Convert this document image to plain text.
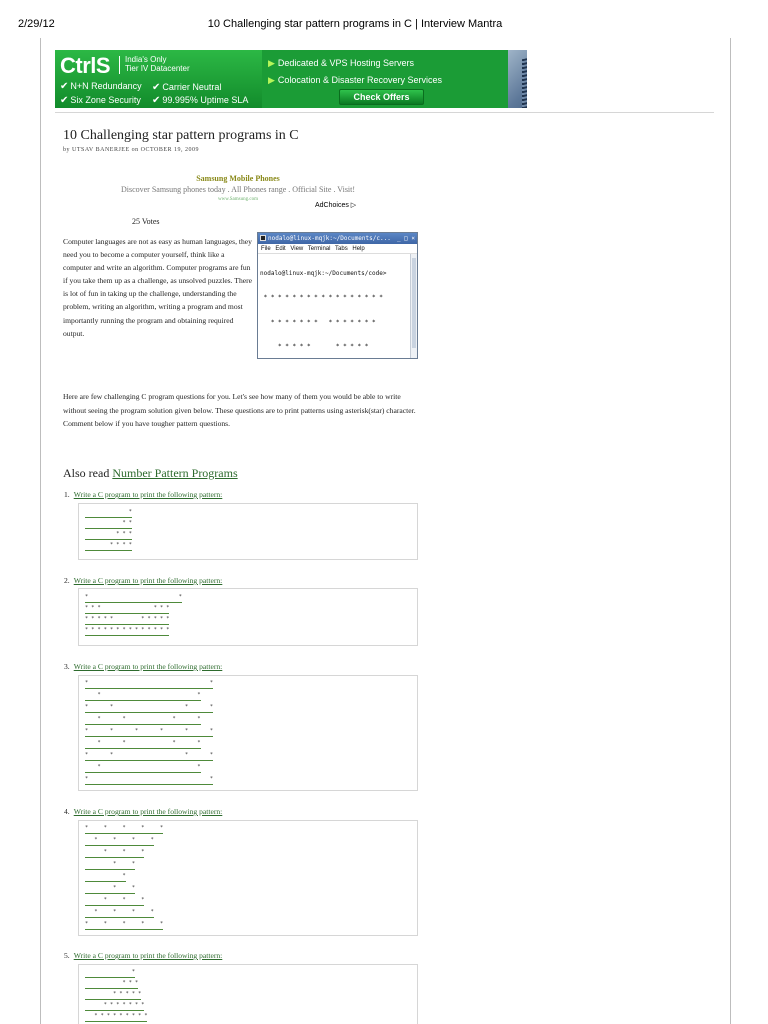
2/29/12	10 Challenging star pattern programs in C | Interview Mantra
CtrlS India's Only
Tier IV Datacenter
✔ N+N Redundancy ✔ Carrier Neutral
✔ Six Zone Security ✔ 99.995% Uptime SLA
▶ Dedicated & VPS Hosting Servers
▶ Colocation & Disaster Recovery Services
Check Offers
10 Challenging star pattern programs in C
by UTSAV BANERJEE on OCTOBER 19, 2009
Samsung Mobile Phones
Discover Samsung phones today . All Phones range . Official Site . Visit!
www.Samsung.com
AdChoices ▷
25 Votes

Computer languages are not as easy as human languages, they need you to become a computer yourself, think like a computer and write an algorithm. Computer programs are fun if you take them up as a challenge, as unsolved puzzles. There is lot of fun in taking up the challenge, understanding the problem, writing an algorithm, writing a program and most importantly running the program and obtaining required output.

nodalo@linux-mqjk:~/Documents/c... _ □ ×
File Edit View Terminal Tabs Help

nodalo@linux-mqjk:~/Documents/code>

* * * * * * * * * * * * * * * * *

* * * * * * *   * * * * * * *

* * * * *       * * * * *

Here are few challenging C program questions for you. Let's see how many of them you would be able to write without seeing the program solution given below. These questions are to print patterns using asterisk(star) character. Comment below if you have tougher pattern questions.

Also read Number Pattern Programs
1. Write a C program to print the following pattern:
*
* *
* * *
* * * *
2. Write a C program to print the following pattern:
*                             *
* * *                 * * *
* * * * *         * * * * *
* * * * * * * * * * * * * *
3. Write a C program to print the following pattern:
*                                       *
*                               *
*       *                       *       *
*       *               *       *
*       *       *       *       *       *
*       *               *       *
*       *                       *       *
*                               *
*                                       *
4. Write a C program to print the following pattern:
*     *     *     *     *
*     *     *     *
*     *     *
*     *
*
*     *
*     *     *
*     *     *     *
*     *     *     *     *
5. Write a C program to print the following pattern:
*
* * *
* * * * *
* * * * * * *
* * * * * * * * *
